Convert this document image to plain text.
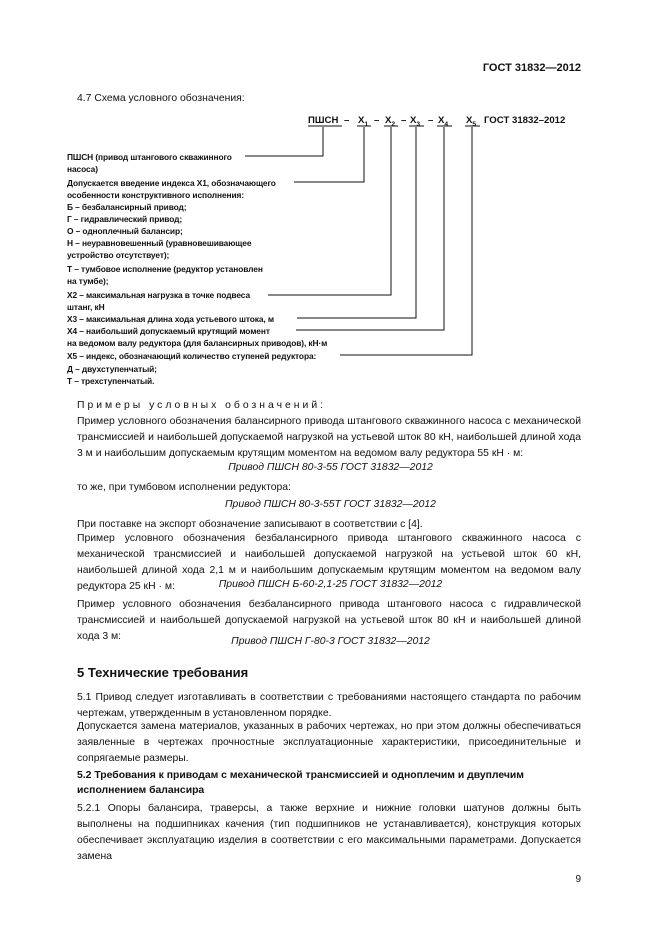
ГОСТ 31832—2012
4.7 Схема условного обозначения:
ПШСН – $X_1 - X_2 - X_3 - X_4$ $X_5$ ГОСТ 31832–2012
ПШСН (привод штангового скважинного
насоса)
Допускается введение индекса X1, обозначающего
особенности конструктивного исполнения:
Б – безбалансирный привод;
Г – гидравлический привод;
О – одноплечный балансир;
Н – неуравновешенный (уравновешивающее
устройство отсутствует);
Т – тумбовое исполнение (редуктор установлен
на тумбе);
X2 – максимальная нагрузка в точке подвеса
штанг, кН
X3 – максимальная длина хода устьевого штока, м
X4 – наибольший допускаемый крутящий момент
на ведомом валу редуктора (для балансирных приводов), кН·м
X5 – индекс, обозначающий количество ступеней редуктора:
Д – двухступенчатый;
Т – трехступенчатый.
Примеры условных обозначений:
Пример условного обозначения балансирного привода штангового скважинного насоса с механической трансмиссией и наибольшей допускаемой нагрузкой на устьевой шток 80 кН, наибольшей длиной хода 3 м и наибольшим допускаемым крутящим моментом на ведомом валу редуктора 55 кН · м:
Привод ПШСН 80-3-55 ГОСТ 31832—2012
то же, при тумбовом исполнении редуктора:
Привод ПШСН 80-3-55Т ГОСТ 31832—2012
При поставке на экспорт обозначение записывают в соответствии с [4].
Пример условного обозначения безбалансирного привода штангового скважинного насоса с механической трансмиссией и наибольшей допускаемой нагрузкой на устьевой шток 60 кН, наибольшей длиной хода 2,1 м и наибольшим допускаемым крутящим моментом на ведомом валу редуктора 25 кН · м:	Привод ПШСН Б-60-2,1-25 ГОСТ 31832—2012
Пример условного обозначения безбалансирного привода штангового насоса с гидравлической трансмиссией и наибольшей допускаемой нагрузкой на устьевой шток 80 кН и наибольшей длиной хода 3 м:	Привод ПШСН Г-80-3 ГОСТ 31832—2012
5 Технические требования
5.1 Привод следует изготавливать в соответствии с требованиями настоящего стандарта по рабочим чертежам, утвержденным в установленном порядке.
Допускается замена материалов, указанных в рабочих чертежах, но при этом должны обеспечиваться заявленные в чертежах прочностные эксплуатационные характеристики, присоединительные и сопрягаемые размеры.
5.2 Требования к приводам с механической трансмиссией и одноплечим и двуплечим исполнением балансира
5.2.1 Опоры балансира, траверсы, а также верхние и нижние головки шатунов должны быть выполнены на подшипниках качения (тип подшипников не устанавливается), конструкция которых обеспечивает эксплуатацию изделия в соответствии с его максимальными параметрами. Допускается замена
9
